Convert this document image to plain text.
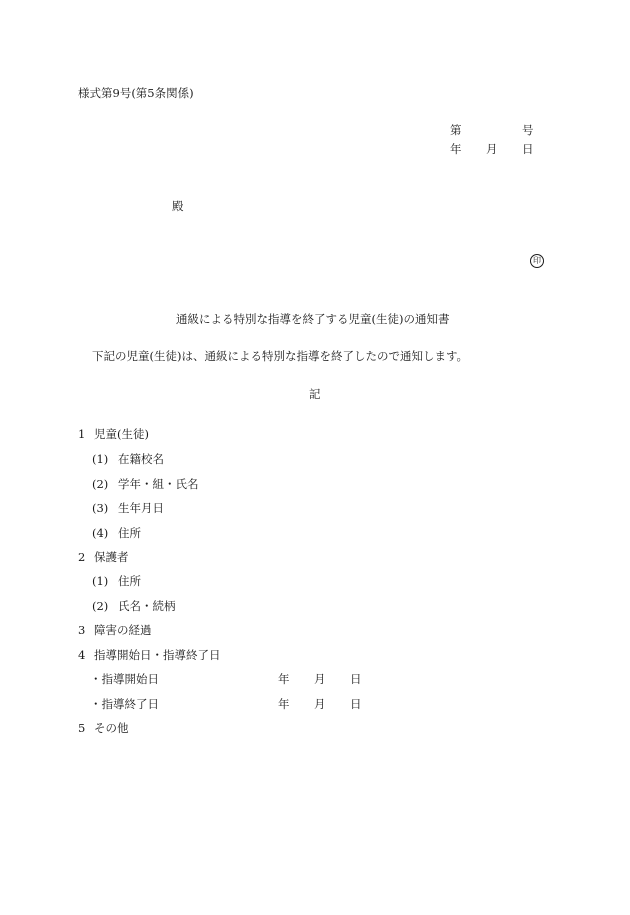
様式第9号(第5条関係)
第	号
年 月 日
殿
印
通級による特別な指導を終了する児童(生徒)の通知書
下記の児童(生徒)は、通級による特別な指導を終了したので通知します。
記
1 児童(生徒)
(1) 在籍校名
(2) 学年・組・氏名
(3) 生年月日
(4) 住所
2 保護者
(1) 住所
(2) 氏名・続柄
3 障害の経過
4 指導開始日・指導終了日
・指導開始日	年 月 日
・指導終了日	年 月 日
5 その他
